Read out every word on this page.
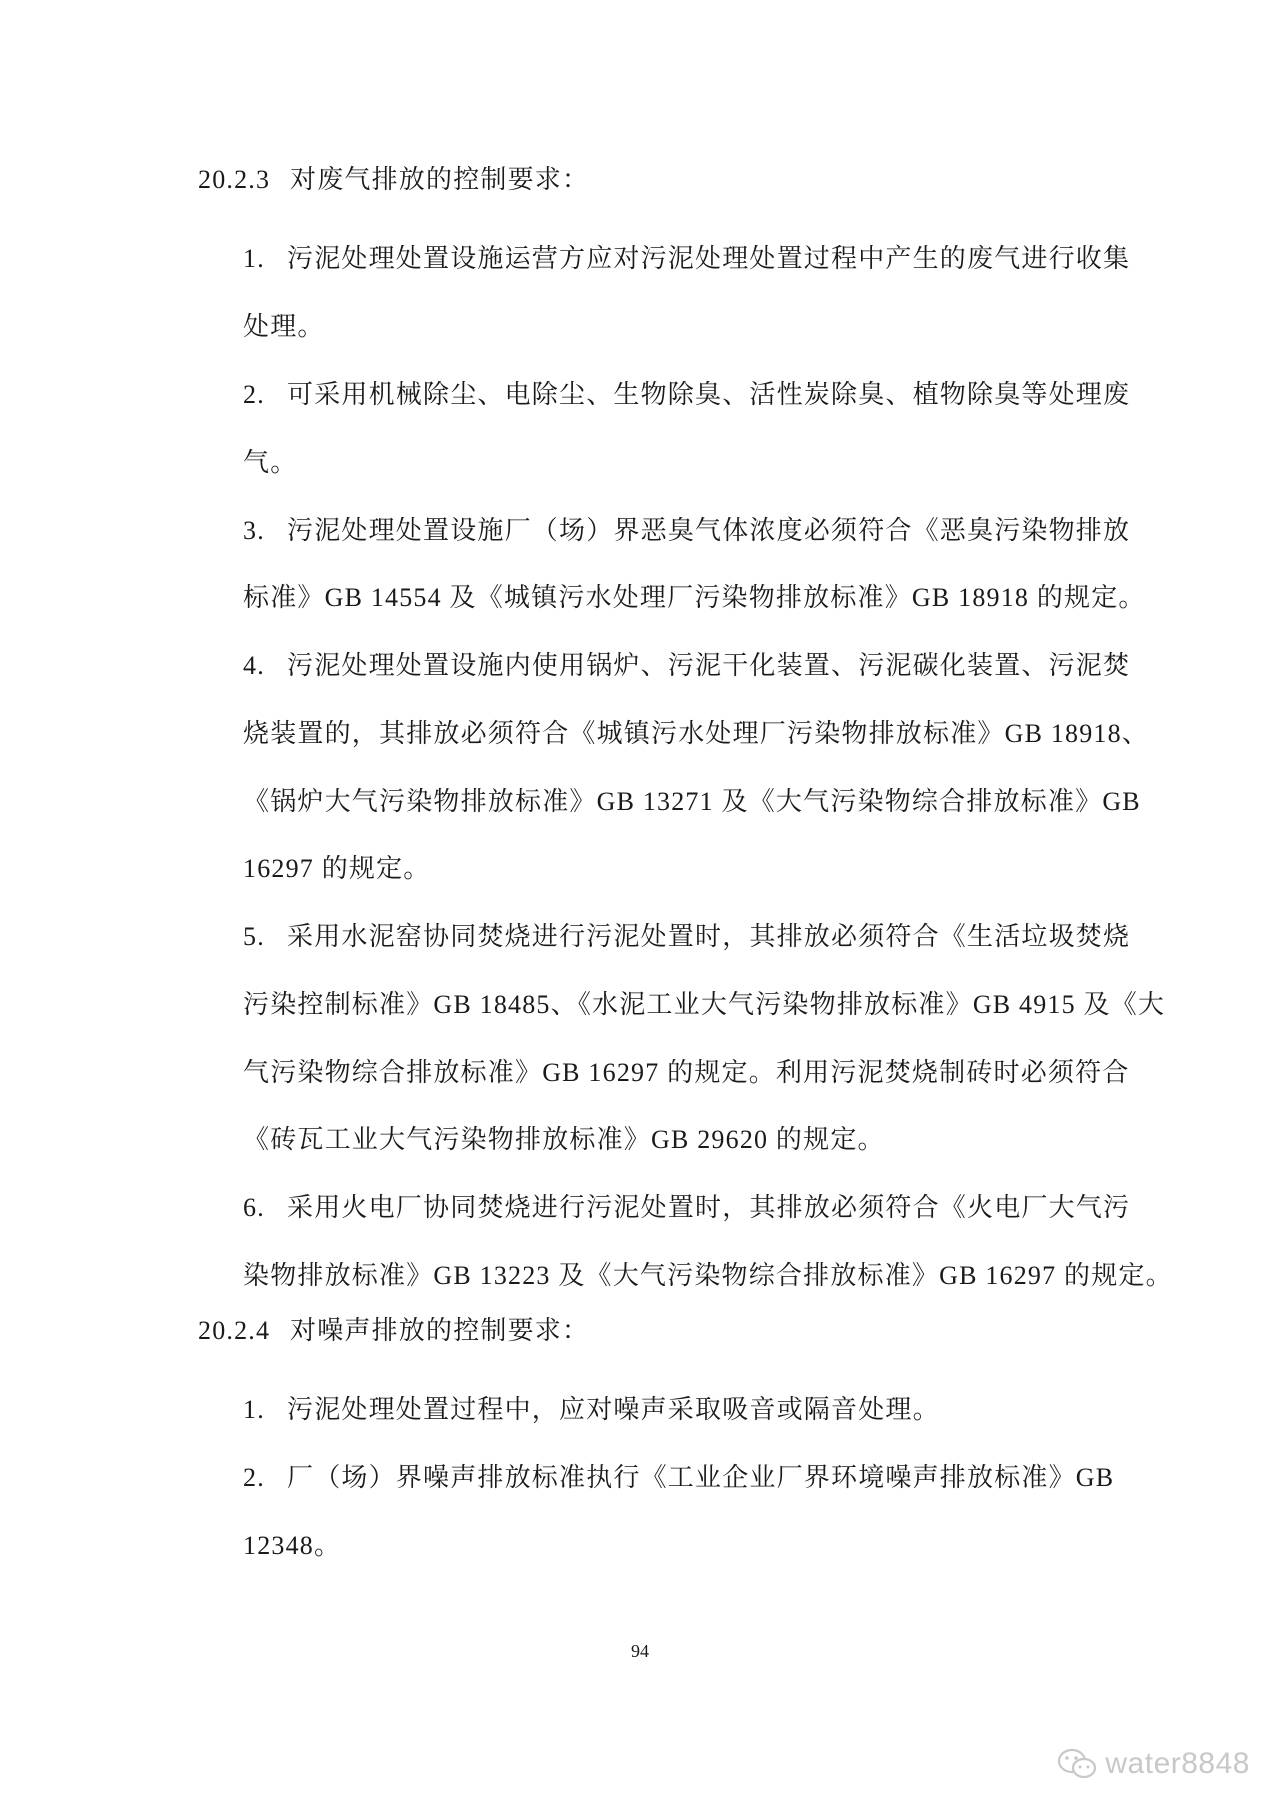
20.2.3 对废气排放的控制要求：
1. 污泥处理处置设施运营方应对污泥处理处置过程中产生的废气进行收集
处理。
2. 可采用机械除尘、电除尘、生物除臭、活性炭除臭、植物除臭等处理废
气。
3. 污泥处理处置设施厂（场）界恶臭气体浓度必须符合《恶臭污染物排放
标准》GB 14554 及《城镇污水处理厂污染物排放标准》GB 18918 的规定。
4. 污泥处理处置设施内使用锅炉、污泥干化装置、污泥碳化装置、污泥焚
烧装置的，其排放必须符合《城镇污水处理厂污染物排放标准》GB 18918、
《锅炉大气污染物排放标准》GB 13271 及《大气污染物综合排放标准》GB
16297 的规定。
5. 采用水泥窑协同焚烧进行污泥处置时，其排放必须符合《生活垃圾焚烧
污染控制标准》GB 18485、《水泥工业大气污染物排放标准》GB 4915 及《大
气污染物综合排放标准》GB 16297 的规定。利用污泥焚烧制砖时必须符合
《砖瓦工业大气污染物排放标准》GB 29620 的规定。
6. 采用火电厂协同焚烧进行污泥处置时，其排放必须符合《火电厂大气污
染物排放标准》GB 13223 及《大气污染物综合排放标准》GB 16297 的规定。
20.2.4 对噪声排放的控制要求：
1. 污泥处理处置过程中，应对噪声采取吸音或隔音处理。
2. 厂（场）界噪声排放标准执行《工业企业厂界环境噪声排放标准》GB
12348。
94
water8848
